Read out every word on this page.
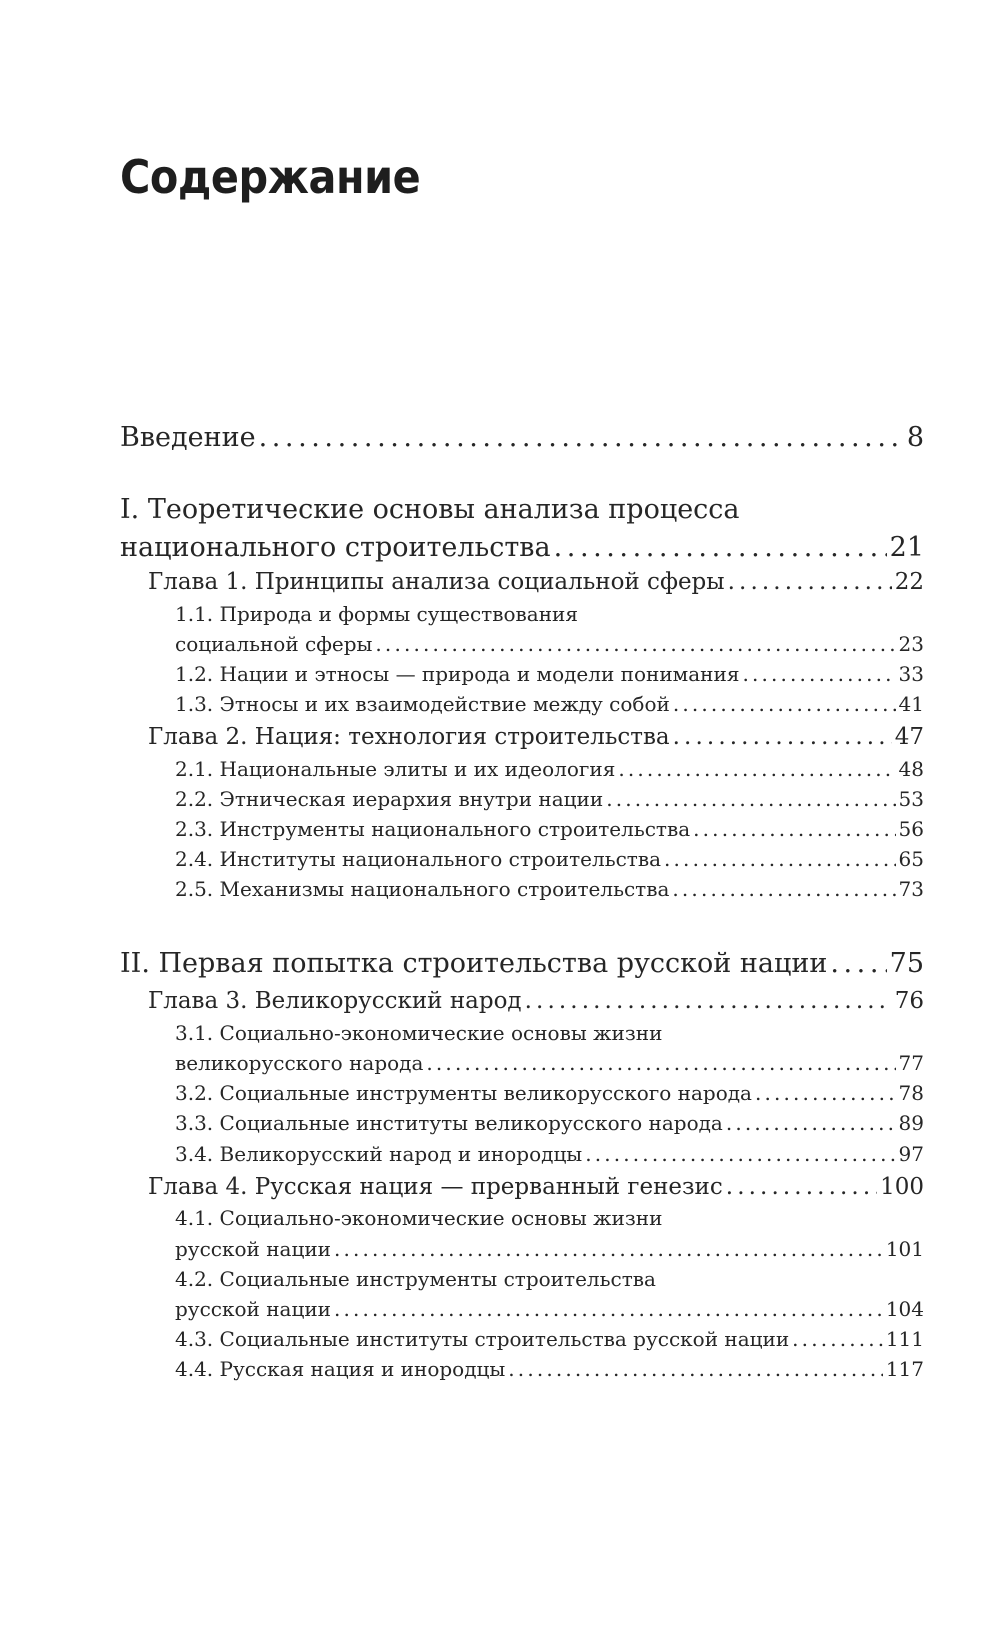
Содержание
Введение . . .	8
I. Теоретические основы анализа процесса
национального строительства . . .	21
Глава 1. Принципы анализа социальной сферы . . .	22
1.1. Природа и формы существования
социальной сферы . . .	23
1.2. Нации и этносы — природа и модели понимания . . .	33
1.3. Этносы и их взаимодействие между собой . . .	41
Глава 2. Нация: технология строительства . . .	47
2.1. Национальные элиты и их идеология . . .	48
2.2. Этническая иерархия внутри нации . . .	53
2.3. Инструменты национального строительства . . .	56
2.4. Институты национального строительства . . .	65
2.5. Механизмы национального строительства . . .	73
II. Первая попытка строительства русской нации . . . 75
Глава 3. Великорусский народ . . .	76
3.1. Социально-экономические основы жизни
великорусского народа . . .	77
3.2. Социальные инструменты великорусского народа . . .	78
3.3. Социальные институты великорусского народа . . .	89
3.4. Великорусский народ и инородцы . . .	97
Глава 4. Русская нация — прерванный генезис . . .	100
4.1. Социально-экономические основы жизни
русской нации . . .	101
4.2. Социальные инструменты строительства
русской нации . . .	104
4.3. Социальные институты строительства русской нации . . .	111
4.4. Русская нация и инородцы . . .	117
